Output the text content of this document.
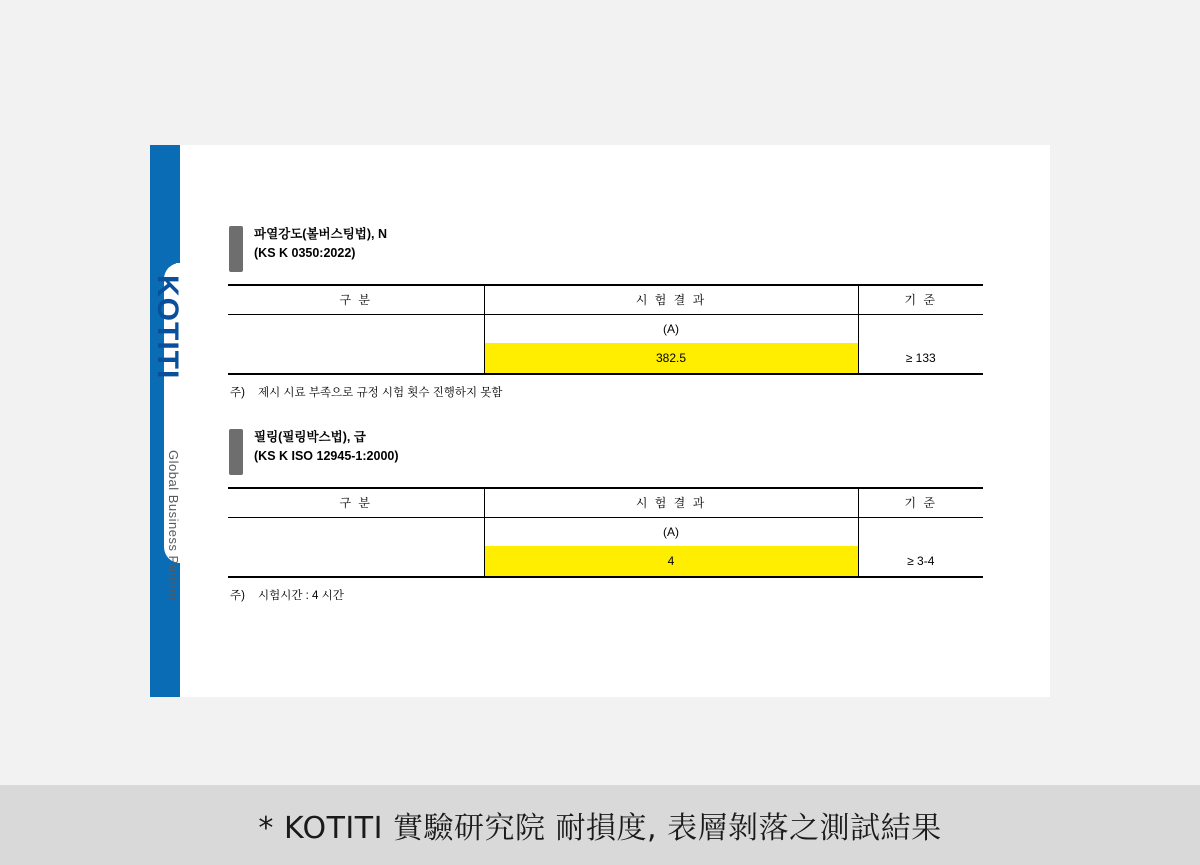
KOTITI
Global Business Partner
파열강도(볼버스팅법), N
(KS K 0350:2022)
구 분	시 험 결 과	기 준
	(A)	
	382.5	≥ 133
주) 제시 시료 부족으로 규정 시험 횟수 진행하지 못함
필링(필링박스법), 급
(KS K ISO 12945-1:2000)
구 분	시 험 결 과	기 준
	(A)	
	4	≥ 3-4
주) 시험시간 : 4 시간
* KOTITI 實驗研究院 耐損度, 表層剝落之測試結果
